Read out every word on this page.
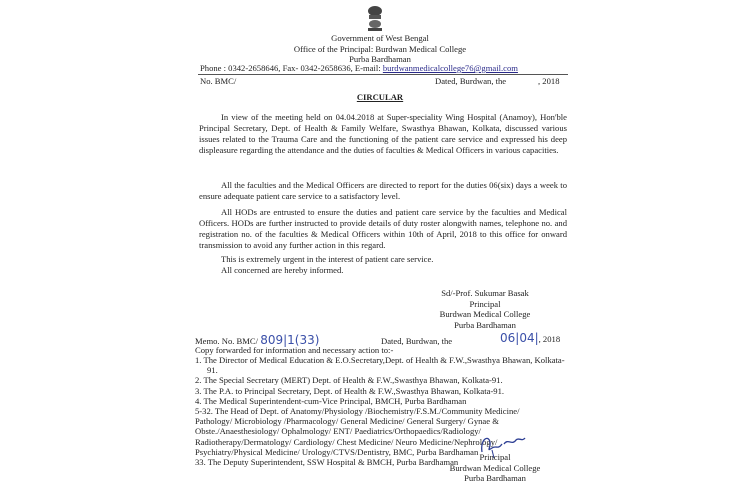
Government of West Bengal
Office of the Principal: Burdwan Medical College
Purba Bardhaman
Phone : 0342-2658646, Fax- 0342-2658636, E-mail: burdwanmedicalcollege76@gmail.com
No. BMC/	Dated, Burdwan, the	, 2018
CIRCULAR
In view of the meeting held on 04.04.2018 at Super-speciality Wing Hospital (Anamoy), Hon'ble Principal Secretary, Dept. of Health & Family Welfare, Swasthya Bhawan, Kolkata, discussed various issues related to the Trauma Care and the functioning of the patient care service and expressed his deep displeasure regarding the attendance and the duties of faculties & Medical Officers in various capacities.
All the faculties and the Medical Officers are directed to report for the duties 06(six) days a week to ensure adequate patient care service to a satisfactory level.
All HODs are entrusted to ensure the duties and patient care service by the faculties and Medical Officers. HODs are further instructed to provide details of duty roster alongwith names, telephone no. and registration no. of the faculties & Medical Officers within 10th of April, 2018 to this office for onward transmission to avoid any further action in this regard.
This is extremely urgent in the interest of patient care service.
All concerned are hereby informed.
Sd/-Prof. Sukumar Basak
Principal
Burdwan Medical College
Purba Bardhaman
Memo. No. BMC/ 809|1(33)	Dated, Burdwan, the	06|04|, 2018
Copy forwarded for information and necessary action to:-
1. The Director of Medical Education & E.O.Secretary,Dept. of Health & F.W.,Swasthya Bhawan, Kolkata-91.
2. The Special Secretary (MERT) Dept. of Health & F.W.,Swasthya Bhawan, Kolkata-91.
3. The P.A. to Principal Secretary, Dept. of Health & F.W.,Swasthya Bhawan, Kolkata-91.
4. The Medical Superintendent-cum-Vice Principal, BMCH, Purba Bardhaman
5-32. The Head of Dept. of Anatomy/Physiology /Biochemistry/F.S.M./Community Medicine/ Pathology/ Microbiology /Pharmacology/ General Medicine/ General Surgery/ Gynae & Obste./Anaesthesiology/ Ophalmology/ ENT/ Paediatrics/Orthopaedics/Radiology/ Radiotherapy/Dermatology/ Cardiology/ Chest Medicine/ Neuro Medicine/Nephrology/ Psychiatry/Physical Medicine/ Urology/CTVS/Dentistry, BMC, Purba Bardhaman
33. The Deputy Superintendent, SSW Hospital & BMCH, Purba Bardhaman
Principal
Burdwan Medical College
Purba Bardhaman
